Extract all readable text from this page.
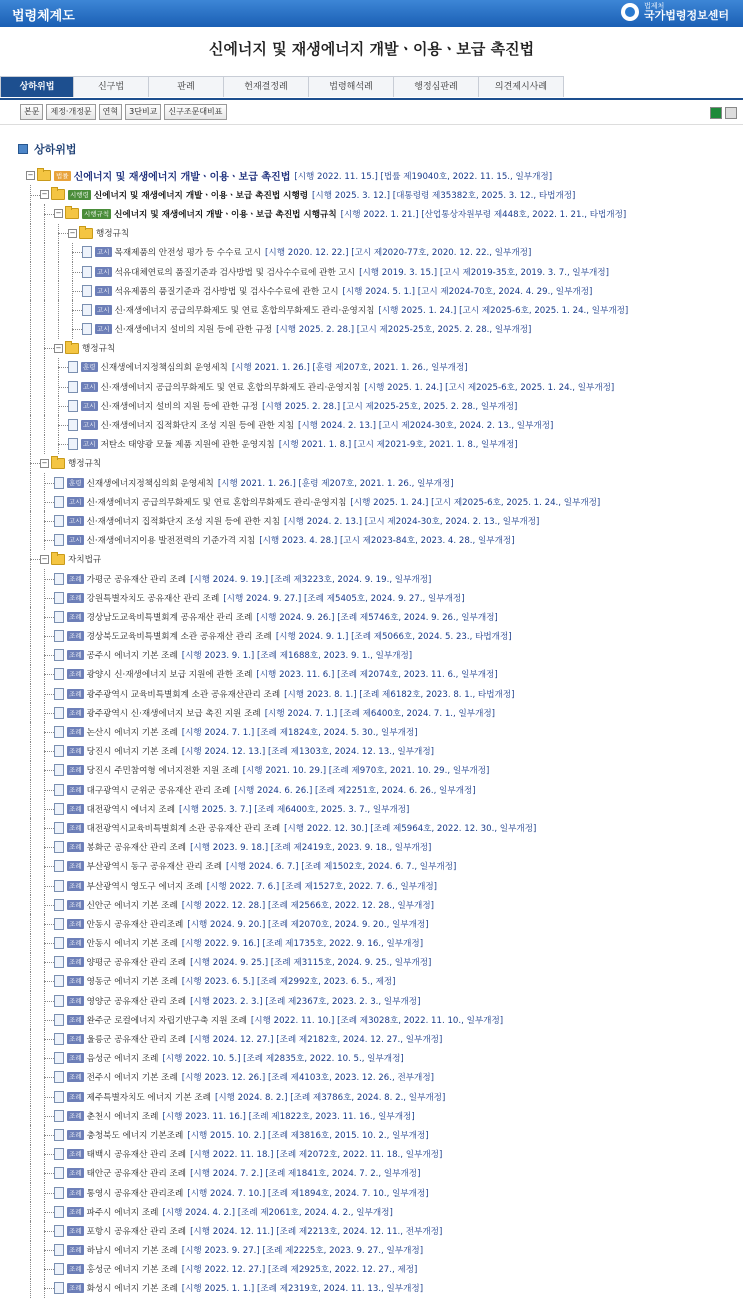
법령체계도
법제처
국가법령정보센터
신에너지 및 재생에너지 개발ㆍ이용ㆍ보급 촉진법
상하위법	신구법	판례	헌재결정례	법령해석례	행정심판례	의견제시사례
본문	제정·개정문	연혁	3단비교	신구조문대비표
상하위법
−	법률 신에너지 및 재생에너지 개발ㆍ이용ㆍ보급 촉진법 [시행 2022. 11. 15.] [법률 제19040호, 2022. 11. 15., 일부개정]
−	시행령 신에너지 및 재생에너지 개발ㆍ이용ㆍ보급 촉진법 시행령 [시행 2025. 3. 12.] [대통령령 제35382호, 2025. 3. 12., 타법개정]
−	시행규칙 신에너지 및 재생에너지 개발ㆍ이용ㆍ보급 촉진법 시행규칙 [시행 2022. 1. 21.] [산업통상자원부령 제448호, 2022. 1. 21., 타법개정]
− 행정규칙
고시 목재제품의 안전성 평가 등 수수료 고시 [시행 2020. 12. 22.] [고시 제2020-77호, 2020. 12. 22., 일부개정]
고시 석유대체연료의 품질기준과 검사방법 및 검사수수료에 관한 고시 [시행 2019. 3. 15.] [고시 제2019-35호, 2019. 3. 7., 일부개정]
고시 석유제품의 품질기준과 검사방법 및 검사수수료에 관한 고시 [시행 2024. 5. 1.] [고시 제2024-70호, 2024. 4. 29., 일부개정]
고시 신·재생에너지 공급의무화제도 및 연료 혼합의무화제도 관리·운영지침 [시행 2025. 1. 24.] [고시 제2025-6호, 2025. 1. 24., 일부개정]
고시 신·재생에너지 설비의 지원 등에 관한 규정 [시행 2025. 2. 28.] [고시 제2025-25호, 2025. 2. 28., 일부개정]
− 행정규칙
훈령 신재생에너지정책심의회 운영세칙 [시행 2021. 1. 26.] [훈령 제207호, 2021. 1. 26., 일부개정]
고시 신·재생에너지 공급의무화제도 및 연료 혼합의무화제도 관리·운영지침 [시행 2025. 1. 24.] [고시 제2025-6호, 2025. 1. 24., 일부개정]
고시 신·재생에너지 설비의 지원 등에 관한 규정 [시행 2025. 2. 28.] [고시 제2025-25호, 2025. 2. 28., 일부개정]
고시 신·재생에너지 집적화단지 조성 지원 등에 관한 지침 [시행 2024. 2. 13.] [고시 제2024-30호, 2024. 2. 13., 일부개정]
고시 저탄소 태양광 모듈 제품 지원에 관한 운영지침 [시행 2021. 1. 8.] [고시 제2021-9호, 2021. 1. 8., 일부개정]
− 행정규칙
훈령 신재생에너지정책심의회 운영세칙 [시행 2021. 1. 26.] [훈령 제207호, 2021. 1. 26., 일부개정]
고시 신·재생에너지 공급의무화제도 및 연료 혼합의무화제도 관리·운영지침 [시행 2025. 1. 24.] [고시 제2025-6호, 2025. 1. 24., 일부개정]
고시 신·재생에너지 집적화단지 조성 지원 등에 관한 지침 [시행 2024. 2. 13.] [고시 제2024-30호, 2024. 2. 13., 일부개정]
고시 신·재생에너지이용 발전전력의 기준가격 지침 [시행 2023. 4. 28.] [고시 제2023-84호, 2023. 4. 28., 일부개정]
− 자치법규
조례 가평군 공유재산 관리 조례 [시행 2024. 9. 19.] [조례 제3223호, 2024. 9. 19., 일부개정]
조례 강원특별자치도 공유재산 관리 조례 [시행 2024. 9. 27.] [조례 제5405호, 2024. 9. 27., 일부개정]
조례 경상남도교육비특별회계 공유재산 관리 조례 [시행 2024. 9. 26.] [조례 제5746호, 2024. 9. 26., 일부개정]
조례 경상북도교육비특별회계 소관 공유재산 관리 조례 [시행 2024. 9. 1.] [조례 제5066호, 2024. 5. 23., 타법개정]
조례 공주시 에너지 기본 조례 [시행 2023. 9. 1.] [조례 제1688호, 2023. 9. 1., 일부개정]
조례 광양시 신·재생에너지 보급 지원에 관한 조례 [시행 2023. 11. 6.] [조례 제2074호, 2023. 11. 6., 일부개정]
조례 광주광역시 교육비특별회계 소관 공유재산관리 조례 [시행 2023. 8. 1.] [조례 제6182호, 2023. 8. 1., 타법개정]
조례 광주광역시 신·재생에너지 보급 촉진 지원 조례 [시행 2024. 7. 1.] [조례 제6400호, 2024. 7. 1., 일부개정]
조례 논산시 에너지 기본 조례 [시행 2024. 7. 1.] [조례 제1824호, 2024. 5. 30., 일부개정]
조례 당진시 에너지 기본 조례 [시행 2024. 12. 13.] [조례 제1303호, 2024. 12. 13., 일부개정]
조례 당진시 주민참여형 에너지전환 지원 조례 [시행 2021. 10. 29.] [조례 제970호, 2021. 10. 29., 일부개정]
조례 대구광역시 군위군 공유재산 관리 조례 [시행 2024. 6. 26.] [조례 제2251호, 2024. 6. 26., 일부개정]
조례 대전광역시 에너지 조례 [시행 2025. 3. 7.] [조례 제6400호, 2025. 3. 7., 일부개정]
조례 대전광역시교육비특별회계 소관 공유재산 관리 조례 [시행 2022. 12. 30.] [조례 제5964호, 2022. 12. 30., 일부개정]
조례 봉화군 공유재산 관리 조례 [시행 2023. 9. 18.] [조례 제2419호, 2023. 9. 18., 일부개정]
조례 부산광역시 동구 공유재산 관리 조례 [시행 2024. 6. 7.] [조례 제1502호, 2024. 6. 7., 일부개정]
조례 부산광역시 영도구 에너지 조례 [시행 2022. 7. 6.] [조례 제1527호, 2022. 7. 6., 일부개정]
조례 신안군 에너지 기본 조례 [시행 2022. 12. 28.] [조례 제2566호, 2022. 12. 28., 일부개정]
조례 안동시 공유재산 관리조례 [시행 2024. 9. 20.] [조례 제2070호, 2024. 9. 20., 일부개정]
조례 안동시 에너지 기본 조례 [시행 2022. 9. 16.] [조례 제1735호, 2022. 9. 16., 일부개정]
조례 양평군 공유재산 관리 조례 [시행 2024. 9. 25.] [조례 제3115호, 2024. 9. 25., 일부개정]
조례 영동군 에너지 기본 조례 [시행 2023. 6. 5.] [조례 제2992호, 2023. 6. 5., 제정]
조례 영양군 공유재산 관리 조례 [시행 2023. 2. 3.] [조례 제2367호, 2023. 2. 3., 일부개정]
조례 완주군 로컬에너지 자립기반구축 지원 조례 [시행 2022. 11. 10.] [조례 제3028호, 2022. 11. 10., 일부개정]
조례 울릉군 공유재산 관리 조례 [시행 2024. 12. 27.] [조례 제2182호, 2024. 12. 27., 일부개정]
조례 음성군 에너지 조례 [시행 2022. 10. 5.] [조례 제2835호, 2022. 10. 5., 일부개정]
조례 전주시 에너지 기본 조례 [시행 2023. 12. 26.] [조례 제4103호, 2023. 12. 26., 전부개정]
조례 제주특별자치도 에너지 기본 조례 [시행 2024. 8. 2.] [조례 제3786호, 2024. 8. 2., 일부개정]
조례 춘천시 에너지 조례 [시행 2023. 11. 16.] [조례 제1822호, 2023. 11. 16., 일부개정]
조례 충청북도 에너지 기본조례 [시행 2015. 10. 2.] [조례 제3816호, 2015. 10. 2., 일부개정]
조례 태백시 공유재산 관리 조례 [시행 2022. 11. 18.] [조례 제2072호, 2022. 11. 18., 일부개정]
조례 태안군 공유재산 관리 조례 [시행 2024. 7. 2.] [조례 제1841호, 2024. 7. 2., 일부개정]
조례 통영시 공유재산 관리조례 [시행 2024. 7. 10.] [조례 제1894호, 2024. 7. 10., 일부개정]
조례 파주시 에너지 조례 [시행 2024. 4. 2.] [조례 제2061호, 2024. 4. 2., 일부개정]
조례 포항시 공유재산 관리 조례 [시행 2024. 12. 11.] [조례 제2213호, 2024. 12. 11., 전부개정]
조례 하남시 에너지 기본 조례 [시행 2023. 9. 27.] [조례 제2225호, 2023. 9. 27., 일부개정]
조례 홍성군 에너지 기본 조례 [시행 2022. 12. 27.] [조례 제2925호, 2022. 12. 27., 제정]
조례 화성시 에너지 기본 조례 [시행 2025. 1. 1.] [조례 제2319호, 2024. 11. 13., 일부개정]
